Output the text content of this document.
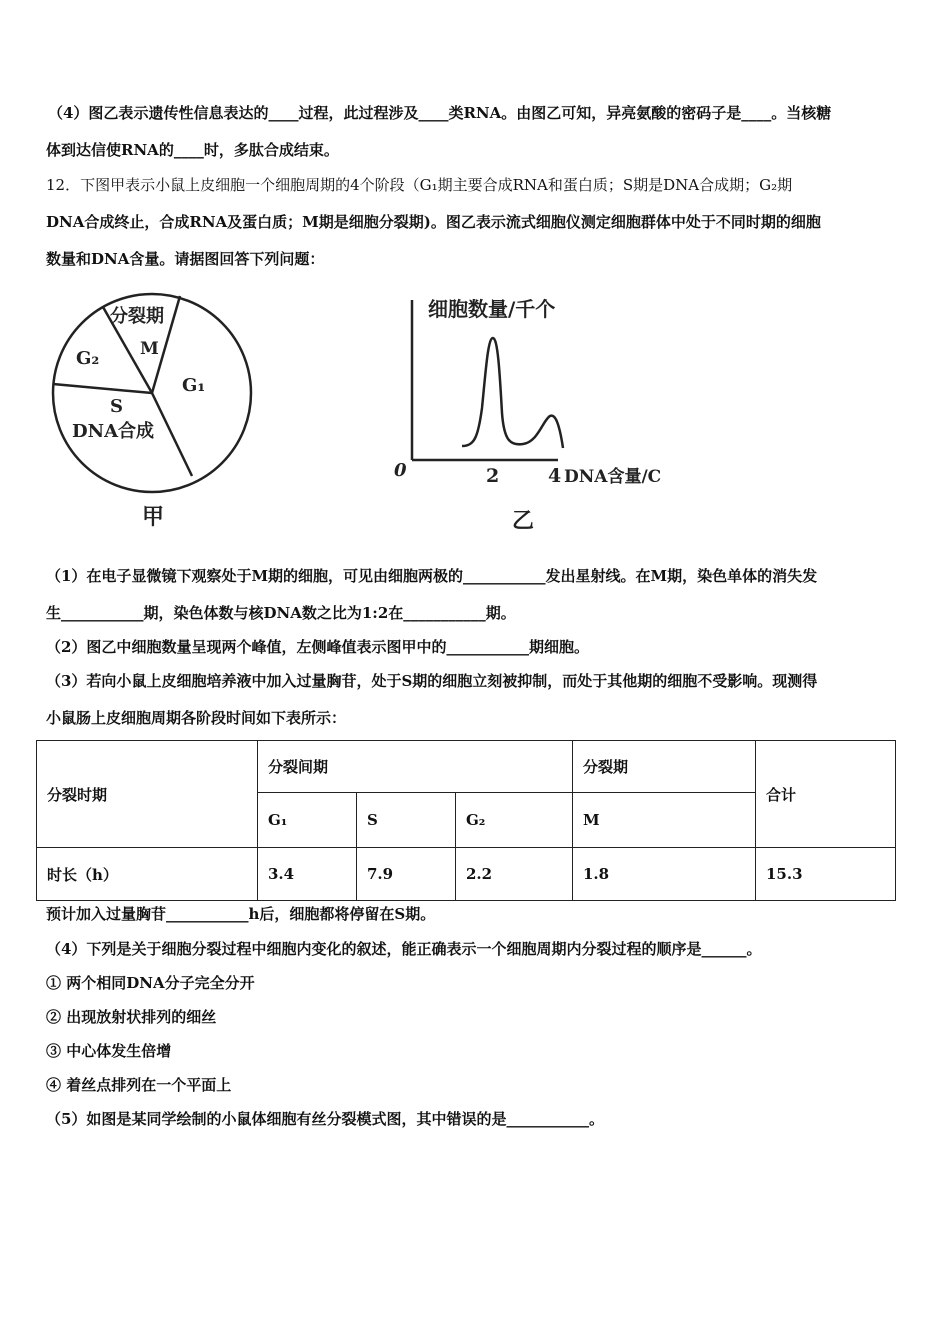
（4）图乙表示遗传性信息表达的____过程，此过程涉及____类RNA。由图乙可知，异亮氨酸的密码子是____。当核糖
体到达信使RNA的____时，多肽合成结束。
12．下图甲表示小鼠上皮细胞一个细胞周期的4个阶段（G₁期主要合成RNA和蛋白质；S期是DNA合成期；G₂期
DNA合成终止，合成RNA及蛋白质；M期是细胞分裂期)。图乙表示流式细胞仪测定细胞群体中处于不同时期的细胞
数量和DNA含量。请据图回答下列问题：
分裂期
M
G₂
G₁
S
DNA合成
甲
细胞数量/千个
0	2	4 DNA含量/C
乙
（1）在电子显微镜下观察处于M期的细胞，可见由细胞两极的___________发出星射线。在M期，染色单体的消失发
生___________期，染色体数与核DNA数之比为1:2在___________期。
（2）图乙中细胞数量呈现两个峰值，左侧峰值表示图甲中的___________期细胞。
（3）若向小鼠上皮细胞培养液中加入过量胸苷，处于S期的细胞立刻被抑制，而处于其他期的细胞不受影响。现测得
小鼠肠上皮细胞周期各阶段时间如下表所示：
分裂时期	分裂间期			分裂期	合计
	G₁	S	G₂	M	
时长（h）	3.4	7.9	2.2	1.8	15.3
预计加入过量胸苷___________h后，细胞都将停留在S期。
（4）下列是关于细胞分裂过程中细胞内变化的叙述，能正确表示一个细胞周期内分裂过程的顺序是______。
① 两个相同DNA分子完全分开
② 出现放射状排列的细丝
③ 中心体发生倍增
④ 着丝点排列在一个平面上
（5）如图是某同学绘制的小鼠体细胞有丝分裂模式图，其中错误的是___________。
